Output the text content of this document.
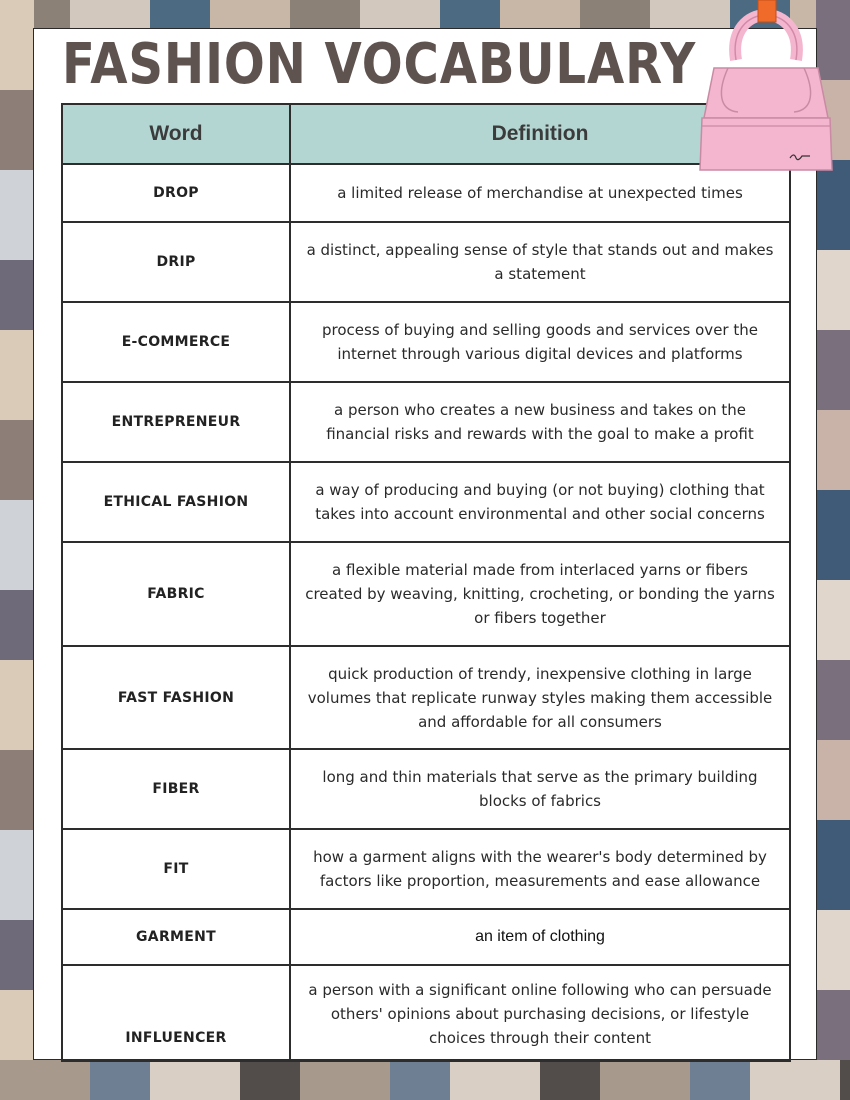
FASHION VOCABULARY
Word	Definition
DROP	a limited release of merchandise at unexpected times
DRIP	a distinct, appealing sense of style that stands out and makes a statement
E-COMMERCE	process of buying and selling goods and services over the internet through various digital devices and platforms
ENTREPRENEUR	a person who creates a new business and takes on the financial risks and rewards with the goal to make a profit
ETHICAL FASHION	a way of producing and buying (or not buying) clothing that takes into account environmental and other social concerns
FABRIC	a flexible material made from interlaced yarns or fibers created by weaving, knitting, crocheting, or bonding the yarns or fibers together
FAST FASHION	quick production of trendy, inexpensive clothing in large volumes that replicate runway styles making them accessible and affordable for all consumers
FIBER	long and thin materials that serve as the primary building blocks of fabrics
FIT	how a garment aligns with the wearer's body determined by factors like proportion, measurements and ease allowance
GARMENT	an item of clothing
INFLUENCER	a person with a significant online following who can persuade others' opinions about purchasing decisions, or lifestyle choices through their content
